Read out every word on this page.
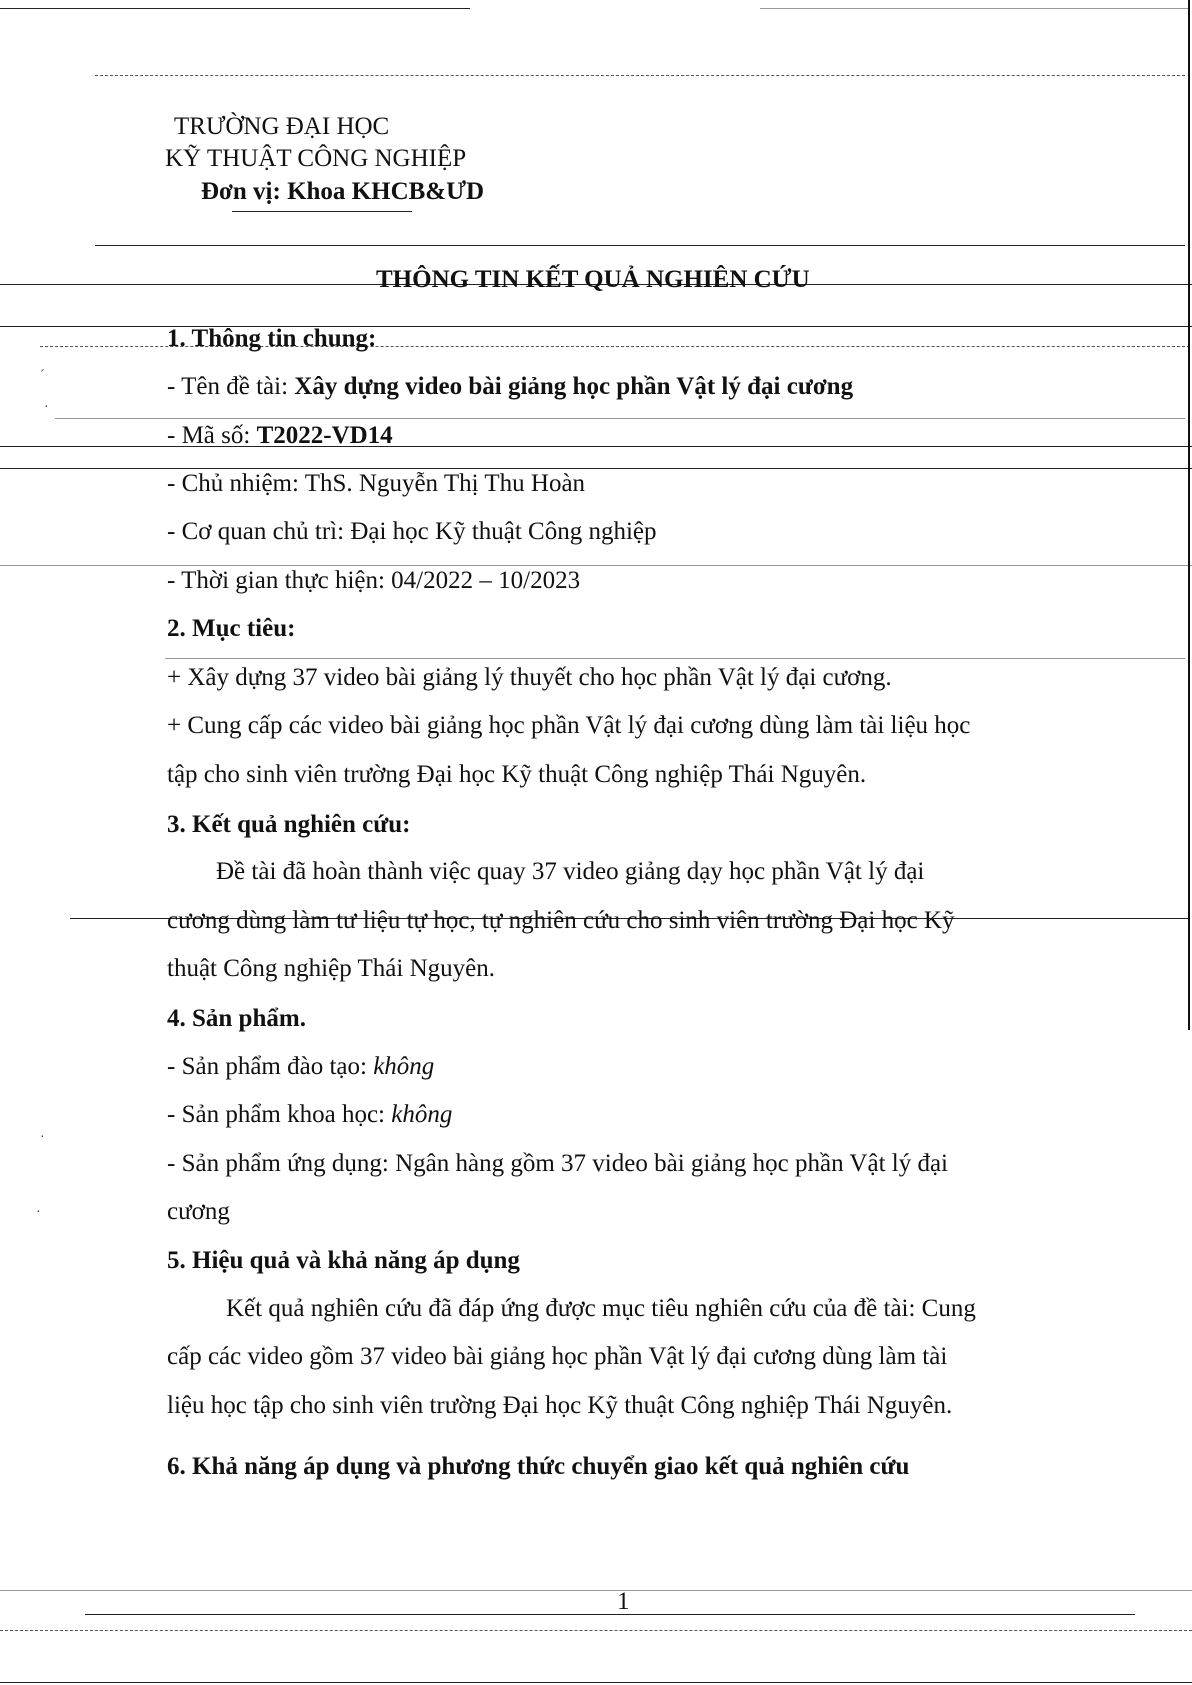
TRƯỜNG ĐẠI HỌC
KỸ THUẬT CÔNG NGHIỆP
Đơn vị: Khoa KHCB&ƯD
THÔNG TIN KẾT QUẢ NGHIÊN CỨU
1. Thông tin chung:
- Tên đề tài: Xây dựng video bài giảng học phần Vật lý đại cương
- Mã số: T2022-VD14
- Chủ nhiệm: ThS. Nguyễn Thị Thu Hoàn
- Cơ quan chủ trì: Đại học Kỹ thuật Công nghiệp
- Thời gian thực hiện: 04/2022 – 10/2023
2. Mục tiêu:
+ Xây dựng 37 video bài giảng lý thuyết cho học phần Vật lý đại cương.
+ Cung cấp các video bài giảng học phần Vật lý đại cương dùng làm tài liệu học
tập cho sinh viên trường Đại học Kỹ thuật Công nghiệp Thái Nguyên.
3. Kết quả nghiên cứu:
Đề tài đã hoàn thành việc quay 37 video giảng dạy học phần Vật lý đại
cương dùng làm tư liệu tự học, tự nghiên cứu cho sinh viên trường Đại học Kỹ
thuật Công nghiệp Thái Nguyên.
4. Sản phẩm.
- Sản phẩm đào tạo: không
- Sản phẩm khoa học: không
- Sản phẩm ứng dụng: Ngân hàng gồm 37 video bài giảng học phần Vật lý đại
cương
5. Hiệu quả và khả năng áp dụng
Kết quả nghiên cứu đã đáp ứng được mục tiêu nghiên cứu của đề tài: Cung
cấp các video gồm 37 video bài giảng học phần Vật lý đại cương dùng làm tài
liệu học tập cho sinh viên trường Đại học Kỹ thuật Công nghiệp Thái Nguyên.
6. Khả năng áp dụng và phương thức chuyển giao kết quả nghiên cứu
1
´
·
·
·
